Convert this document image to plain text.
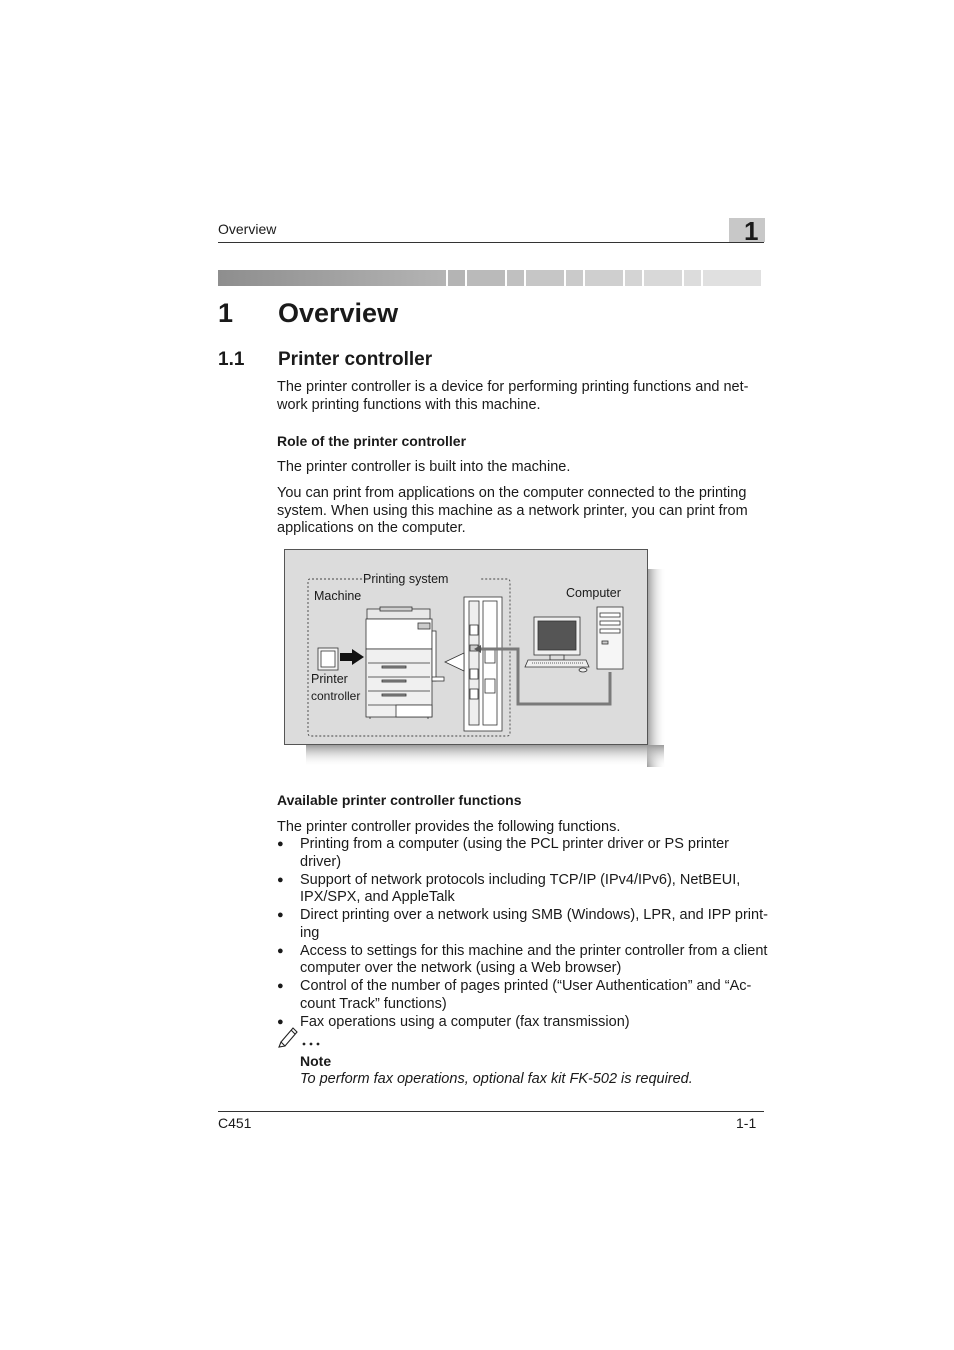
Overview	1
1 Overview
1.1 Printer controller

The printer controller is a device for performing printing functions and net-work printing functions with this machine.

Role of the printer controller

The printer controller is built into the machine.

You can print from applications on the computer connected to the printing system. When using this machine as a network printer, you can print from applications on the computer.

Printing system
Machine	Computer
Printer
controller
Available printer controller functions

The printer controller provides the following functions.

● Printing from a computer (using the PCL printer driver or PS printer driver)
● Support of network protocols including TCP/IP (IPv4/IPv6), NetBEUI, IPX/SPX, and AppleTalk
● Direct printing over a network using SMB (Windows), LPR, and IPP print-ing
● Access to settings for this machine and the printer controller from a client computer over the network (using a Web browser)
● Control of the number of pages printed (“User Authentication” and “Ac-count Track” functions)
● Fax operations using a computer (fax transmission)
Note
To perform fax operations, optional fax kit FK-502 is required.
C451	1-1
